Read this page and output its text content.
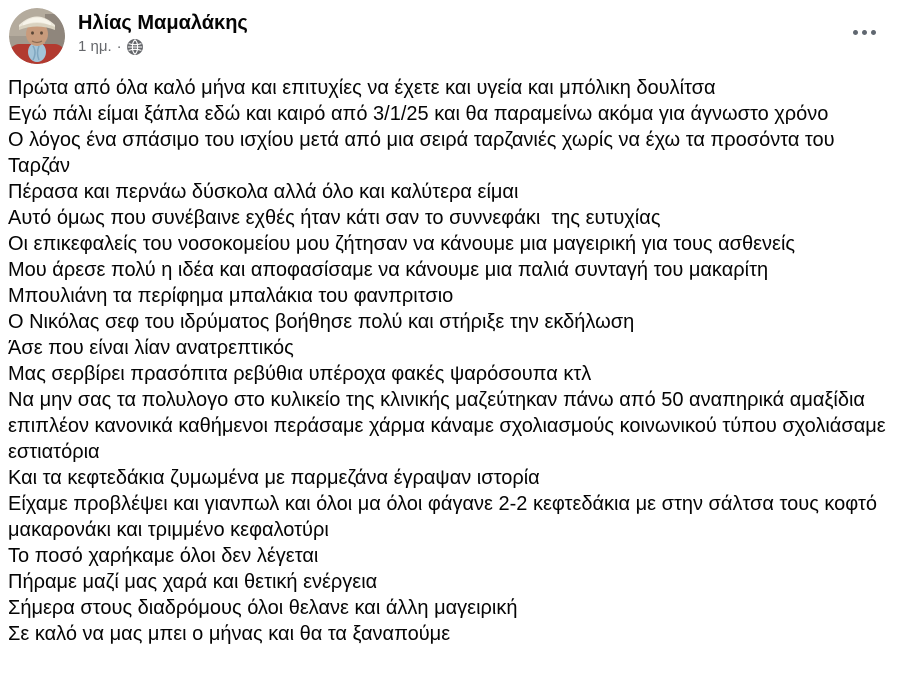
Ηλίας Μαμαλάκης
1 ημ. ·

Πρώτα από όλα καλό μήνα και επιτυχίες να έχετε και υγεία και μπόλικη δουλίτσα

Εγώ πάλι είμαι ξάπλα εδώ και καιρό από 3/1/25 και θα παραμείνω ακόμα για άγνωστο χρόνο

Ο λόγος ένα σπάσιμο του ισχίου μετά από μια σειρά ταρζανιές χωρίς να έχω τα προσόντα του Ταρζάν

Πέρασα και περνάω δύσκολα αλλά όλο και καλύτερα είμαι

Αυτό όμως που συνέβαινε εχθές ήταν κάτι σαν το συννεφάκι  της ευτυχίας

Οι επικεφαλείς του νοσοκομείου μου ζήτησαν να κάνουμε μια μαγειρική για τους ασθενείς

Μου άρεσε πολύ η ιδέα και αποφασίσαμε να κάνουμε μια παλιά συνταγή του μακαρίτη

Μπουλιάνη τα περίφημα μπαλάκια του φανπριτσιο

Ο Νικόλας σεφ του ιδρύματος βοήθησε πολύ και στήριξε την εκδήλωση

Άσε που είναι λίαν ανατρεπτικός

Μας σερβίρει πρασόπιτα ρεβύθια υπέροχα φακές ψαρόσουπα κτλ

Να μην σας τα πολυλογο στο κυλικείο της κλινικής μαζεύτηκαν πάνω από 50 αναπηρικά αμαξίδια επιπλέον κανονικά καθήμενοι περάσαμε χάρμα κάναμε σχολιασμούς κοινωνικού τύπου σχολιάσαμε εστιατόρια

Και τα κεφτεδάκια ζυμωμένα με παρμεζάνα έγραψαν ιστορία

Είχαμε προβλέψει και γιανπωλ και όλοι μα όλοι φάγανε 2-2 κεφτεδάκια με στην σάλτσα τους κοφτό μακαρονάκι και τριμμένο κεφαλοτύρι

Το ποσό χαρήκαμε όλοι δεν λέγεται

Πήραμε μαζί μας χαρά και θετική ενέργεια

Σήμερα στους διαδρόμους όλοι θελανε και άλλη μαγειρική

Σε καλό να μας μπει ο μήνας και θα τα ξαναπούμε
